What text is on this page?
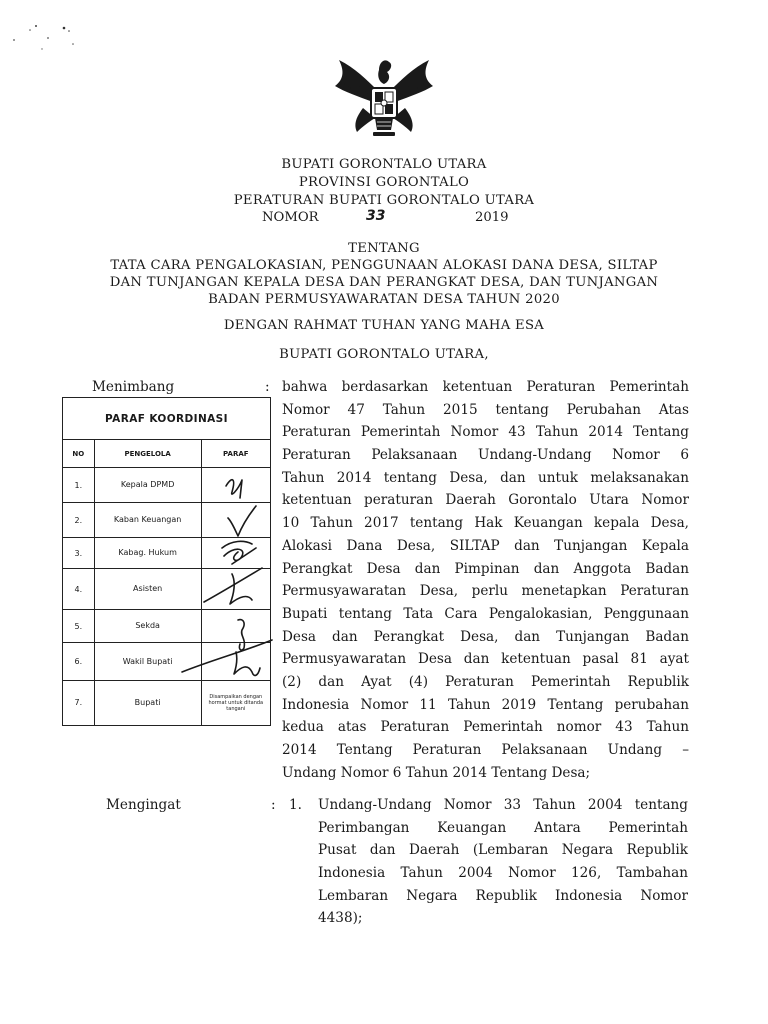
BUPATI GORONTALO UTARA
PROVINSI GORONTALO
PERATURAN BUPATI GORONTALO UTARA
NOMOR	33	2019
TENTANG
TATA CARA PENGALOKASIAN, PENGGUNAAN ALOKASI DANA DESA, SILTAP
DAN TUNJANGAN KEPALA DESA DAN PERANGKAT DESA, DAN TUNJANGAN
BADAN PERMUSYAWARATAN DESA TAHUN 2020
DENGAN RAHMAT TUHAN YANG MAHA ESA
BUPATI GORONTALO UTARA,
Menimbang	: bahwa berdasarkan ketentuan Peraturan Pemerintah
Nomor 47 Tahun 2015 tentang Perubahan Atas
Peraturan Pemerintah Nomor 43 Tahun 2014 Tentang
Peraturan Pelaksanaan Undang-Undang Nomor 6
Tahun 2014 tentang Desa, dan untuk melaksanakan
ketentuan peraturan Daerah Gorontalo Utara Nomor
10 Tahun 2017 tentang Hak Keuangan kepala Desa,
Alokasi Dana Desa, SILTAP dan Tunjangan Kepala
Perangkat Desa dan Pimpinan dan Anggota Badan
Permusyawaratan Desa, perlu menetapkan Peraturan
Bupati tentang Tata Cara Pengalokasian, Penggunaan
Desa dan Perangkat Desa, dan Tunjangan Badan
Permusyawaratan Desa dan ketentuan pasal 81 ayat
(2) dan Ayat (4) Peraturan Pemerintah Republik
Indonesia Nomor 11 Tahun 2019 Tentang perubahan
kedua atas Peraturan Pemerintah nomor 43 Tahun
2014 Tentang Peraturan Pelaksanaan Undang –
Undang Nomor 6 Tahun 2014 Tentang Desa;
PARAF KOORDINASI		
NO	PENGELOLA	PARAF
1.	Kepala DPMD	
2.	Kaban Keuangan	
3.	Kabag. Hukum	
4.	Asisten	
5.	Sekda	
6.	Wakil Bupati	
7.	Bupati	Disampaikan dengan hormat untuk ditanda tangani
Mengingat	: 1. Undang-Undang Nomor 33 Tahun 2004 tentang
Perimbangan Keuangan Antara Pemerintah
Pusat dan Daerah (Lembaran Negara Republik
Indonesia Tahun 2004 Nomor 126, Tambahan
Lembaran Negara Republik Indonesia Nomor
4438);
